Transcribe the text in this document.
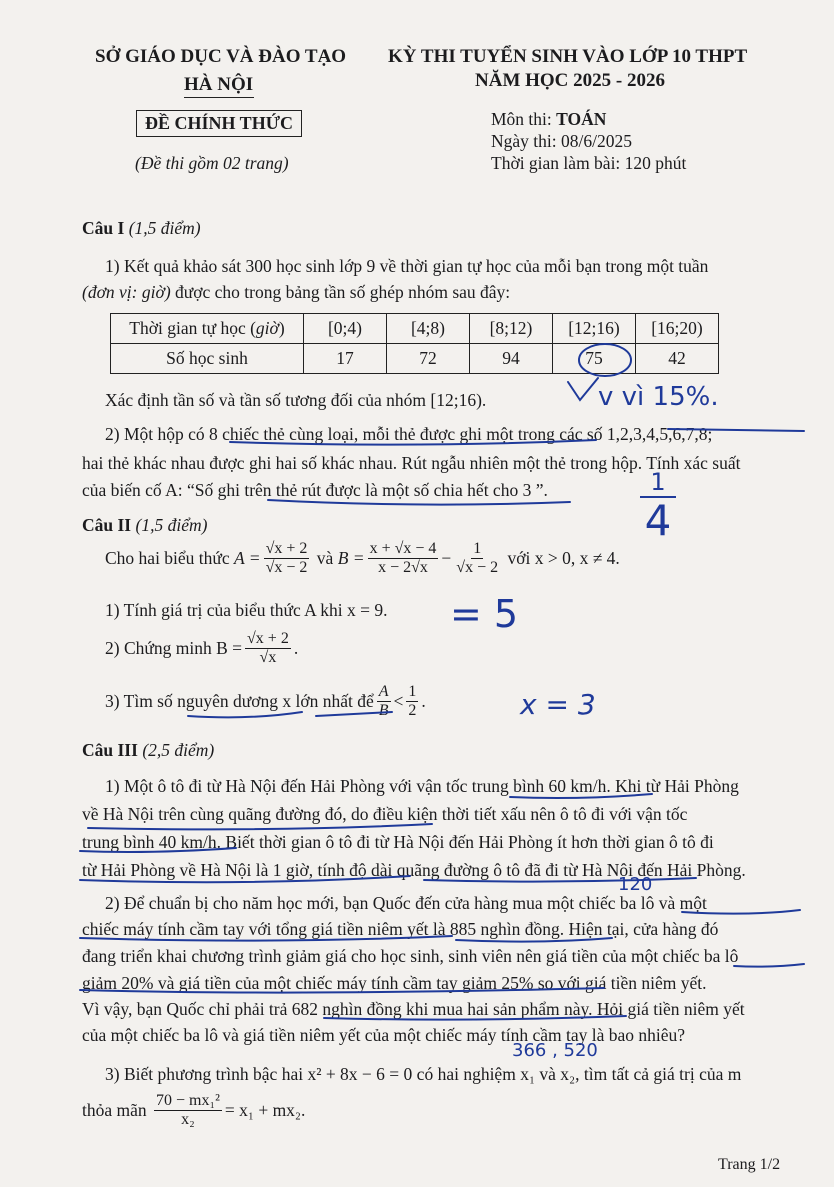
SỞ GIÁO DỤC VÀ ĐÀO TẠO
HÀ NỘI
KỲ THI TUYỂN SINH VÀO LỚP 10 THPT
NĂM HỌC 2025 - 2026
ĐỀ CHÍNH THỨC
(Đề thi gồm 02 trang)
Môn thi: TOÁN
Ngày thi: 08/6/2025
Thời gian làm bài: 120 phút
Câu I (1,5 điểm)
1) Kết quả khảo sát 300 học sinh lớp 9 về thời gian tự học của mỗi bạn trong một tuần
(đơn vị: giờ) được cho trong bảng tần số ghép nhóm sau đây:
Thời gian tự học (giờ)	[0;4)	[4;8)	[8;12)	[12;16)	[16;20)
Số học sinh	17	72	94	75	42
Xác định tần số và tần số tương đối của nhóm [12;16).
2) Một hộp có 8 chiếc thẻ cùng loại, mỗi thẻ được ghi một trong các số 1,2,3,4,5,6,7,8;
hai thẻ khác nhau được ghi hai số khác nhau. Rút ngẫu nhiên một thẻ trong hộp. Tính xác suất
của biến cố A: “Số ghi trên thẻ rút được là một số chia hết cho 3 ”.
Câu II (1,5 điểm)
Cho hai biểu thức
$A = \frac{√x + 2}{√x - 2}$
và
$B = \frac{x + √x - 4}{x - 2√x} - \frac{1}{√x - 2}$
với x > 0, x ≠ 4.
1) Tính giá trị của biểu thức A khi x = 9.
2) Chứng minh $B = \frac{√x + 2}{√x}$ .
3) Tìm số nguyên dương x lớn nhất để $\frac{A}{B} < \frac{1}{2}$ .
Câu III (2,5 điểm)
1) Một ô tô đi từ Hà Nội đến Hải Phòng với vận tốc trung bình 60 km/h. Khi từ Hải Phòng
về Hà Nội trên cùng quãng đường đó, do điều kiện thời tiết xấu nên ô tô đi với vận tốc
trung bình 40 km/h. Biết thời gian ô tô đi từ Hà Nội đến Hải Phòng ít hơn thời gian ô tô đi
từ Hải Phòng về Hà Nội là 1 giờ, tính độ dài quãng đường ô tô đã đi từ Hà Nội đến Hải Phòng.
2) Để chuẩn bị cho năm học mới, bạn Quốc đến cửa hàng mua một chiếc ba lô và một
chiếc máy tính cầm tay với tổng giá tiền niêm yết là 885 nghìn đồng. Hiện tại, cửa hàng đó
đang triển khai chương trình giảm giá cho học sinh, sinh viên nên giá tiền của một chiếc ba lô
giảm 20% và giá tiền của một chiếc máy tính cầm tay giảm 25% so với giá tiền niêm yết.
Vì vậy, bạn Quốc chỉ phải trả 682 nghìn đồng khi mua hai sản phẩm này. Hỏi giá tiền niêm yết
của một chiếc ba lô và giá tiền niêm yết của một chiếc máy tính cầm tay là bao nhiêu?
3) Biết phương trình bậc hai x² + 8x − 6 = 0 có hai nghiệm x₁ và x₂, tìm tất cả giá trị của m
thỏa mãn
$\frac{\text{70 − mx₁²}}{\text{x₂}} = x_1 + mx_2$.
Trang 1/2
v vì 15%.
1
4
= 5
x = 3
120
366 , 520
